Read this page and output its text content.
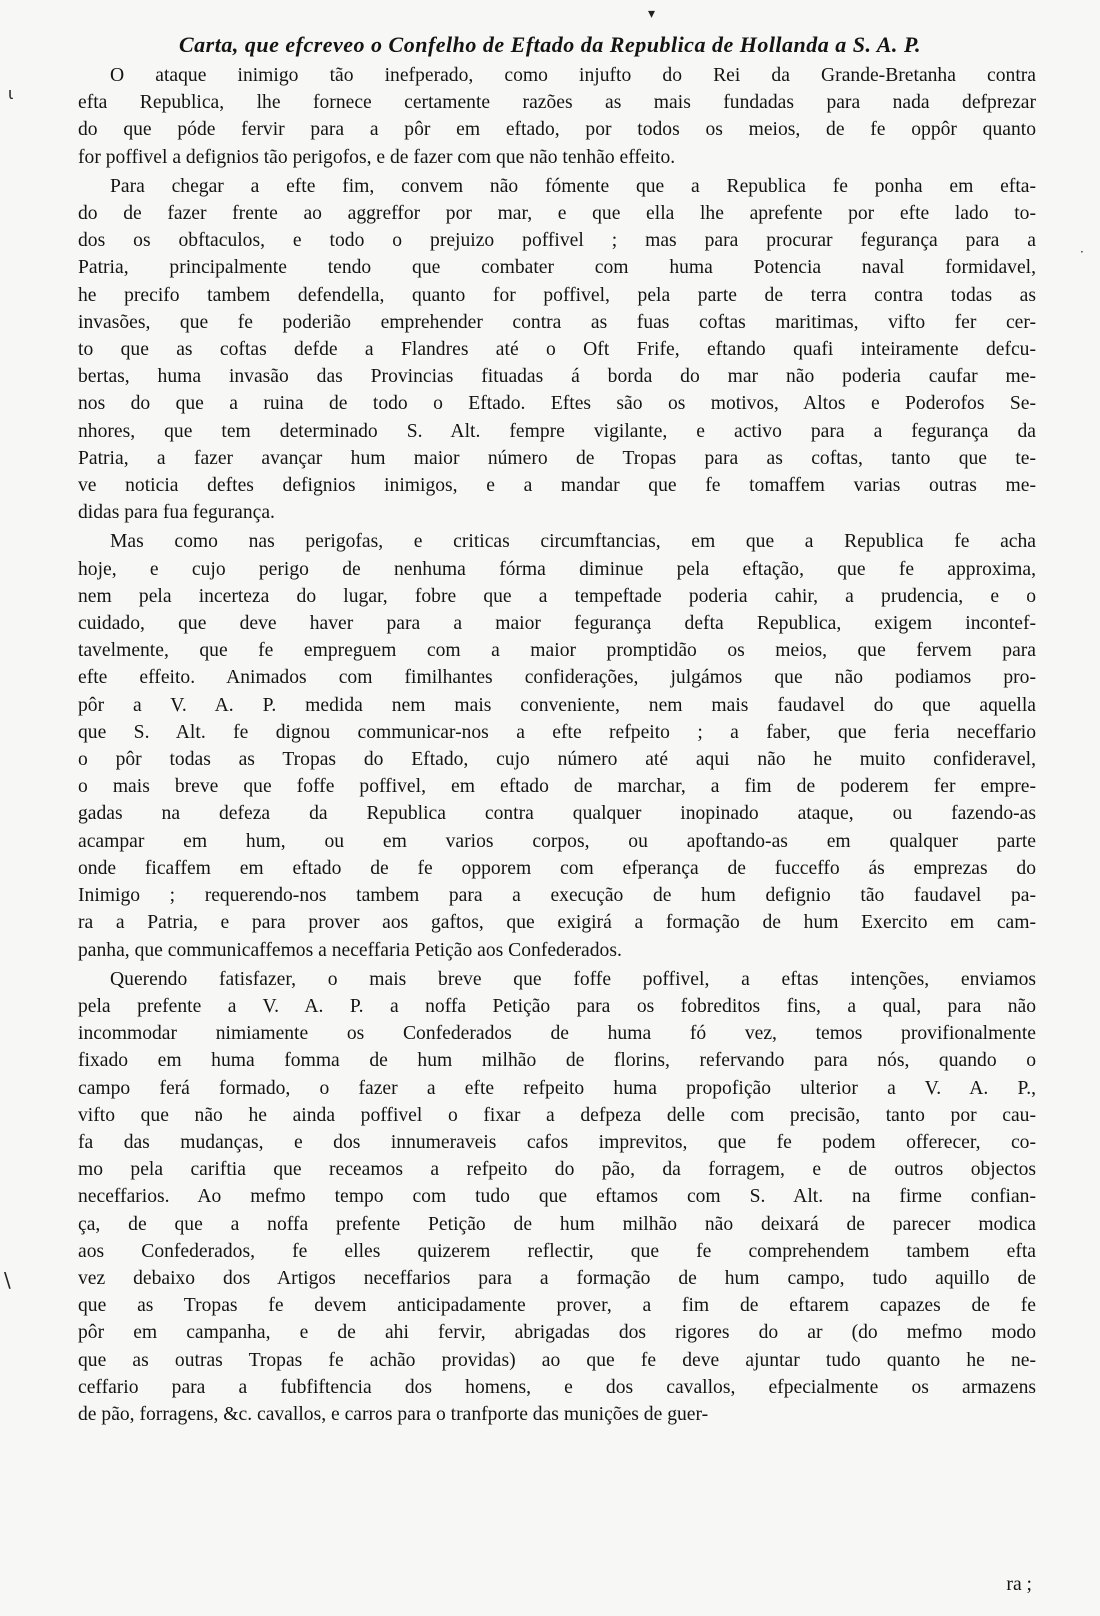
▾
ι
\
·
Carta, que efcreveo o Confelho de Eftado da Republica de Hollanda a S. A. P.

O ataque inimigo tão inefperado, como injufto do Rei da Grande-Bretanha contra
efta Republica, lhe fornece certamente razões as mais fundadas para nada defprezar
do que póde fervir para a pôr em eftado, por todos os meios, de fe oppôr quanto
for poffivel a defignios tão perigofos, e de fazer com que não tenhão effeito.

Para chegar a efte fim, convem não fómente que a Republica fe ponha em efta-
do de fazer frente ao aggreffor por mar, e que ella lhe aprefente por efte lado to-
dos os obftaculos, e todo o prejuizo poffivel ; mas para procurar fegurança para a
Patria, principalmente tendo que combater com huma Potencia naval formidavel,
he precifo tambem defendella, quanto for poffivel, pela parte de terra contra todas as
invasões, que fe poderião emprehender contra as fuas coftas maritimas, vifto fer cer-
to que as coftas defde a Flandres até o Oft Frife, eftando quafi inteiramente defcu-
bertas, huma invasão das Provincias fituadas á borda do mar não poderia caufar me-
nos do que a ruina de todo o Eftado. Eftes são os motivos, Altos e Poderofos Se-
nhores, que tem determinado S. Alt. fempre vigilante, e activo para a fegurança da
Patria, a fazer avançar hum maior número de Tropas para as coftas, tanto que te-
ve noticia deftes defignios inimigos, e a mandar que fe tomaffem varias outras me-
didas para fua fegurança.

Mas como nas perigofas, e criticas circumftancias, em que a Republica fe acha
hoje, e cujo perigo de nenhuma fórma diminue pela eftação, que fe approxima,
nem pela incerteza do lugar, fobre que a tempeftade poderia cahir, a prudencia, e o
cuidado, que deve haver para a maior fegurança defta Republica, exigem incontef-
tavelmente, que fe empreguem com a maior promptidão os meios, que fervem para
efte effeito. Animados com fimilhantes confiderações, julgámos que não podiamos pro-
pôr a V. A. P. medida nem mais conveniente, nem mais faudavel do que aquella
que S. Alt. fe dignou communicar-nos a efte refpeito ; a faber, que feria neceffario
o pôr todas as Tropas do Eftado, cujo número até aqui não he muito confideravel,
o mais breve que foffe poffivel, em eftado de marchar, a fim de poderem fer empre-
gadas na defeza da Republica contra qualquer inopinado ataque, ou fazendo-as
acampar em hum, ou em varios corpos, ou apoftando-as em qualquer parte
onde ficaffem em eftado de fe opporem com efperança de fucceffo ás emprezas do
Inimigo ; requerendo-nos tambem para a execução de hum defignio tão faudavel pa-
ra a Patria, e para prover aos gaftos, que exigirá a formação de hum Exercito em cam-
panha, que communicaffemos a neceffaria Petição aos Confederados.

Querendo fatisfazer, o mais breve que foffe poffivel, a eftas intenções, enviamos
pela prefente a V. A. P. a noffa Petição para os fobreditos fins, a qual, para não
incommodar nimiamente os Confederados de huma fó vez, temos provifionalmente
fixado em huma fomma de hum milhão de florins, refervando para nós, quando o
campo ferá formado, o fazer a efte refpeito huma propofição ulterior a V. A. P.,
vifto que não he ainda poffivel o fixar a defpeza delle com precisão, tanto por cau-
fa das mudanças, e dos innumeraveis cafos imprevitos, que fe podem offerecer, co-
mo pela cariftia que receamos a refpeito do pão, da forragem, e de outros objectos
neceffarios. Ao mefmo tempo com tudo que eftamos com S. Alt. na firme confian-
ça, de que a noffa prefente Petição de hum milhão não deixará de parecer modica
aos Confederados, fe elles quizerem reflectir, que fe comprehendem tambem efta
vez debaixo dos Artigos neceffarios para a formação de hum campo, tudo aquillo de
que as Tropas fe devem anticipadamente prover, a fim de eftarem capazes de fe
pôr em campanha, e de ahi fervir, abrigadas dos rigores do ar (do mefmo modo
que as outras Tropas fe achão providas) ao que fe deve ajuntar tudo quanto he ne-
ceffario para a fubfiftencia dos homens, e dos cavallos, efpecialmente os armazens
de pão, forragens, &c. cavallos, e carros para o tranfporte das munições de guer-

ra ;
